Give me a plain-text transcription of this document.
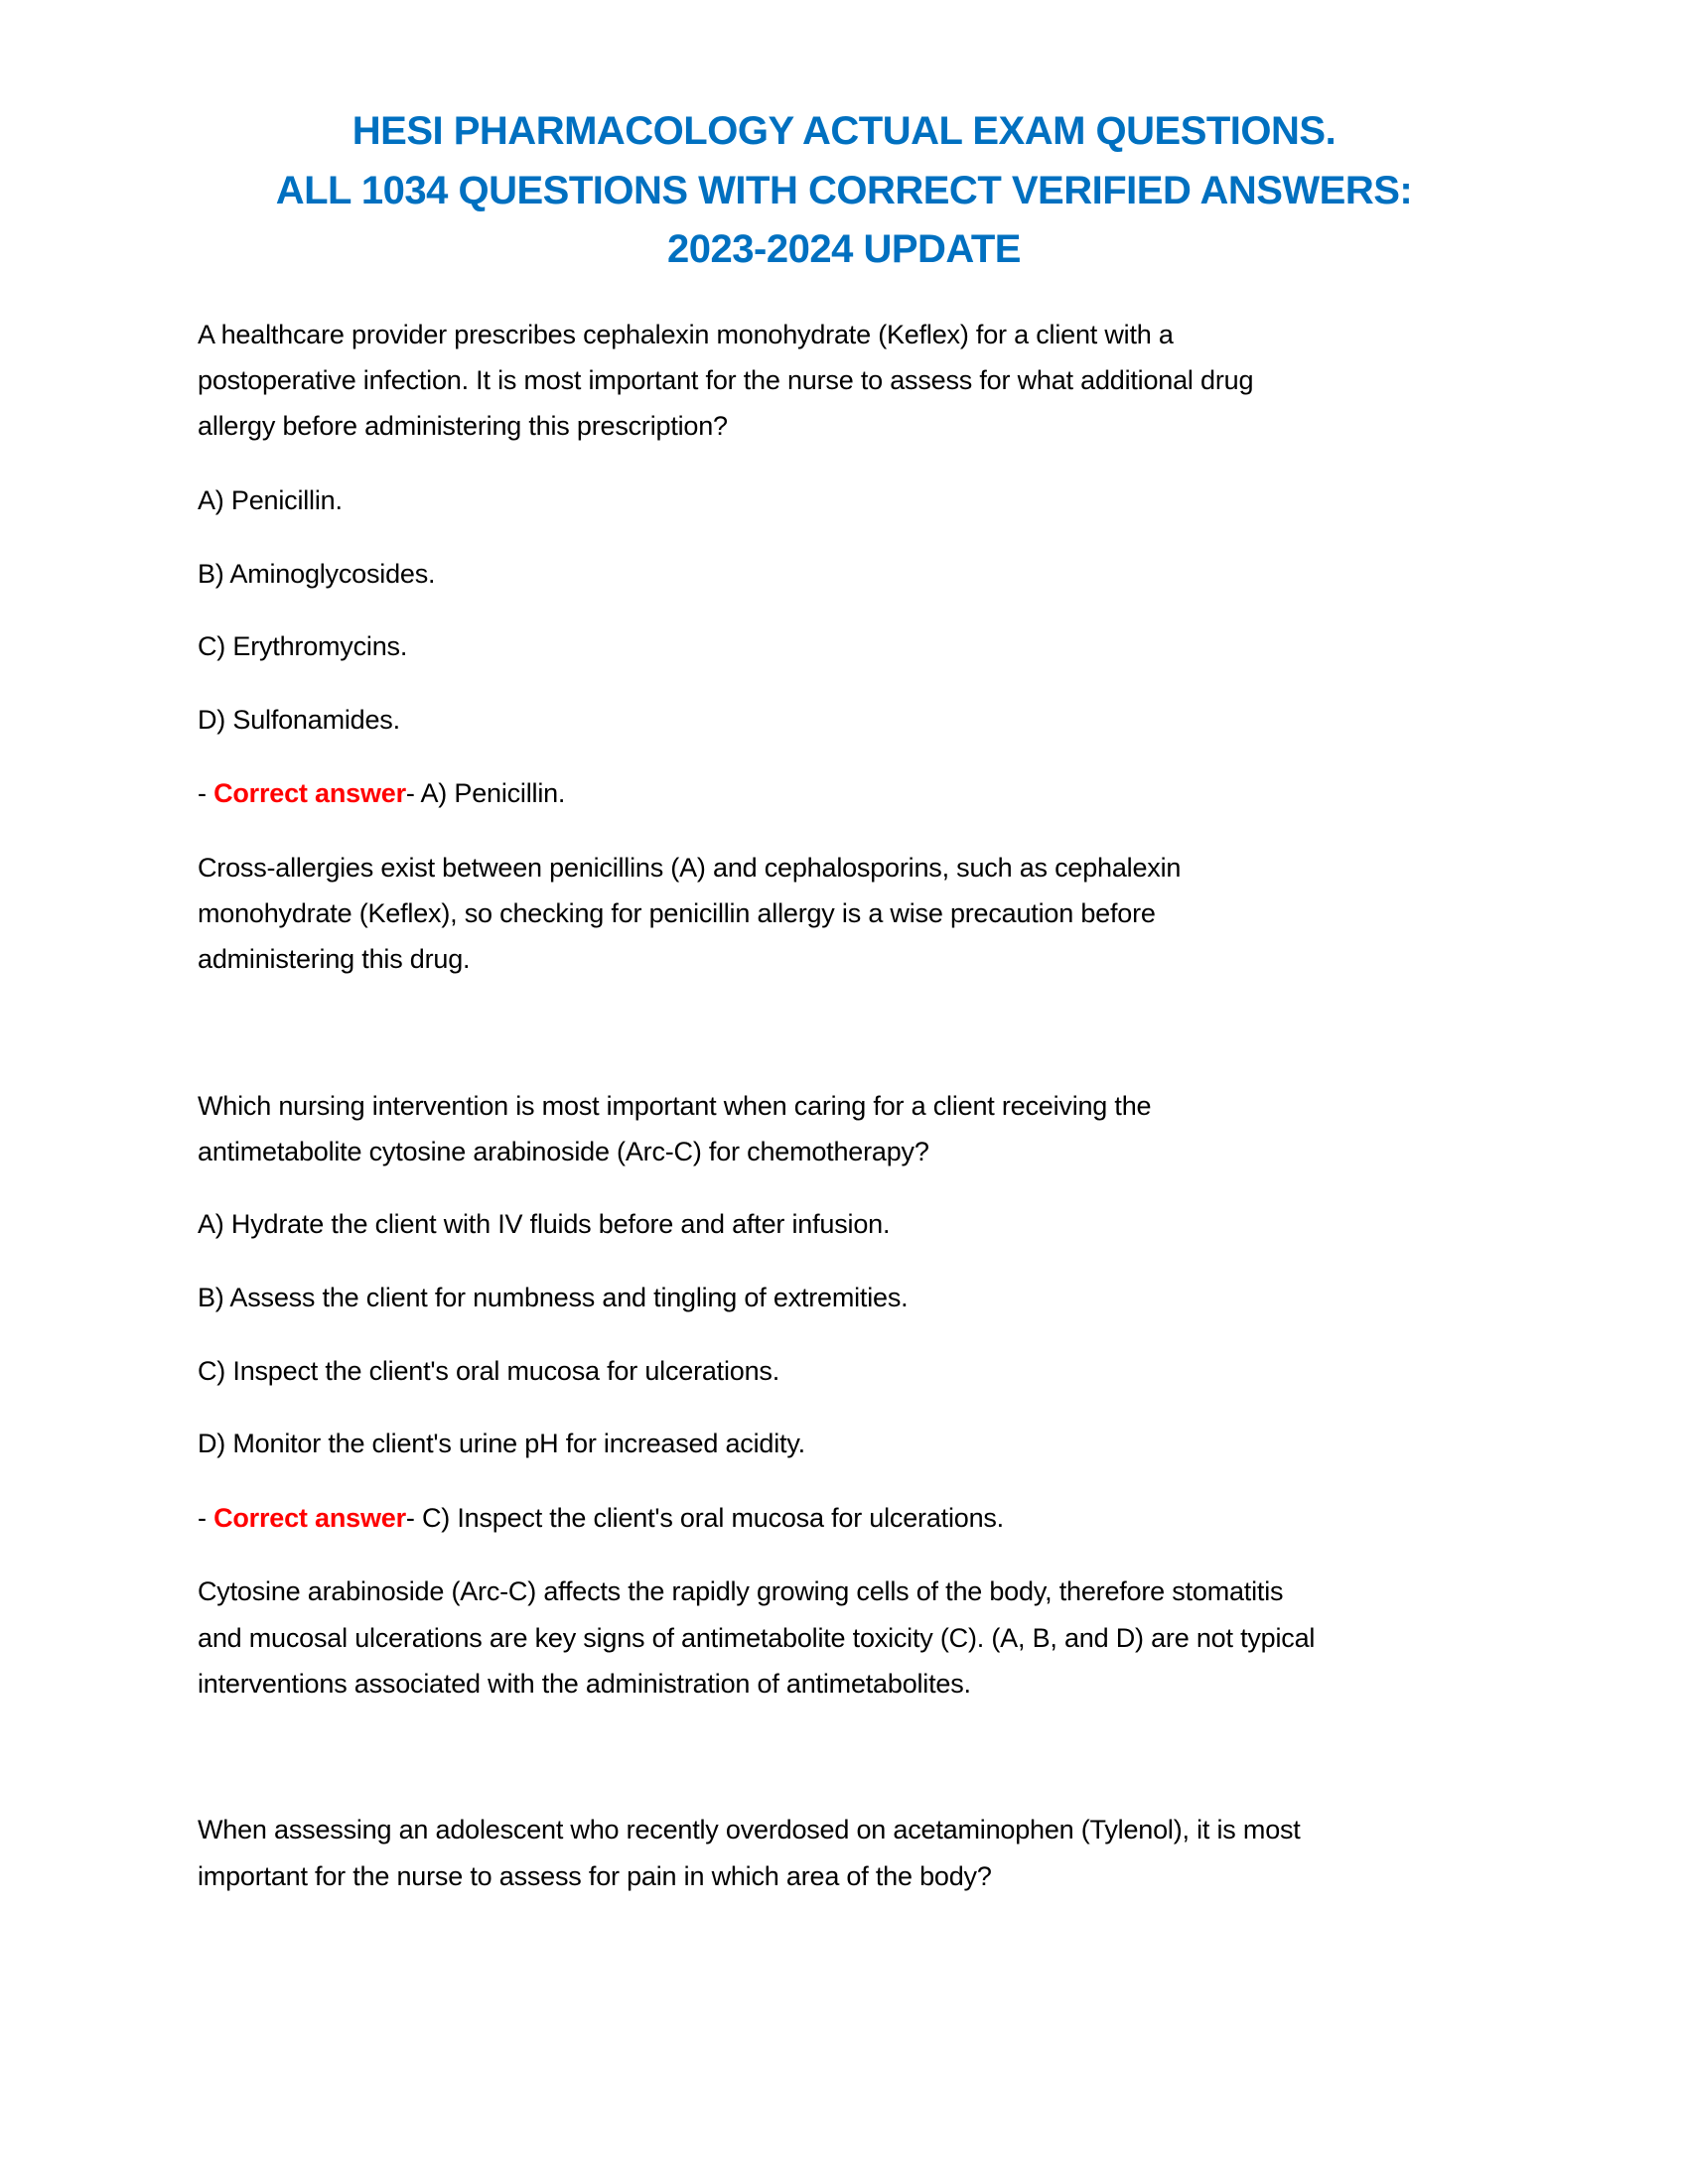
HESI PHARMACOLOGY ACTUAL EXAM QUESTIONS.
ALL 1034 QUESTIONS WITH CORRECT VERIFIED ANSWERS:
2023-2024 UPDATE
A healthcare provider prescribes cephalexin monohydrate (Keflex) for a client with a
postoperative infection. It is most important for the nurse to assess for what additional drug
allergy before administering this prescription?
A) Penicillin.
B) Aminoglycosides.
C) Erythromycins.
D) Sulfonamides.
- Correct answer- A) Penicillin.
Cross-allergies exist between penicillins (A) and cephalosporins, such as cephalexin
monohydrate (Keflex), so checking for penicillin allergy is a wise precaution before
administering this drug.
Which nursing intervention is most important when caring for a client receiving the
antimetabolite cytosine arabinoside (Arc-C) for chemotherapy?
A) Hydrate the client with IV fluids before and after infusion.
B) Assess the client for numbness and tingling of extremities.
C) Inspect the client's oral mucosa for ulcerations.
D) Monitor the client's urine pH for increased acidity.
- Correct answer- C) Inspect the client's oral mucosa for ulcerations.
Cytosine arabinoside (Arc-C) affects the rapidly growing cells of the body, therefore stomatitis
and mucosal ulcerations are key signs of antimetabolite toxicity (C). (A, B, and D) are not typical
interventions associated with the administration of antimetabolites.
When assessing an adolescent who recently overdosed on acetaminophen (Tylenol), it is most
important for the nurse to assess for pain in which area of the body?
